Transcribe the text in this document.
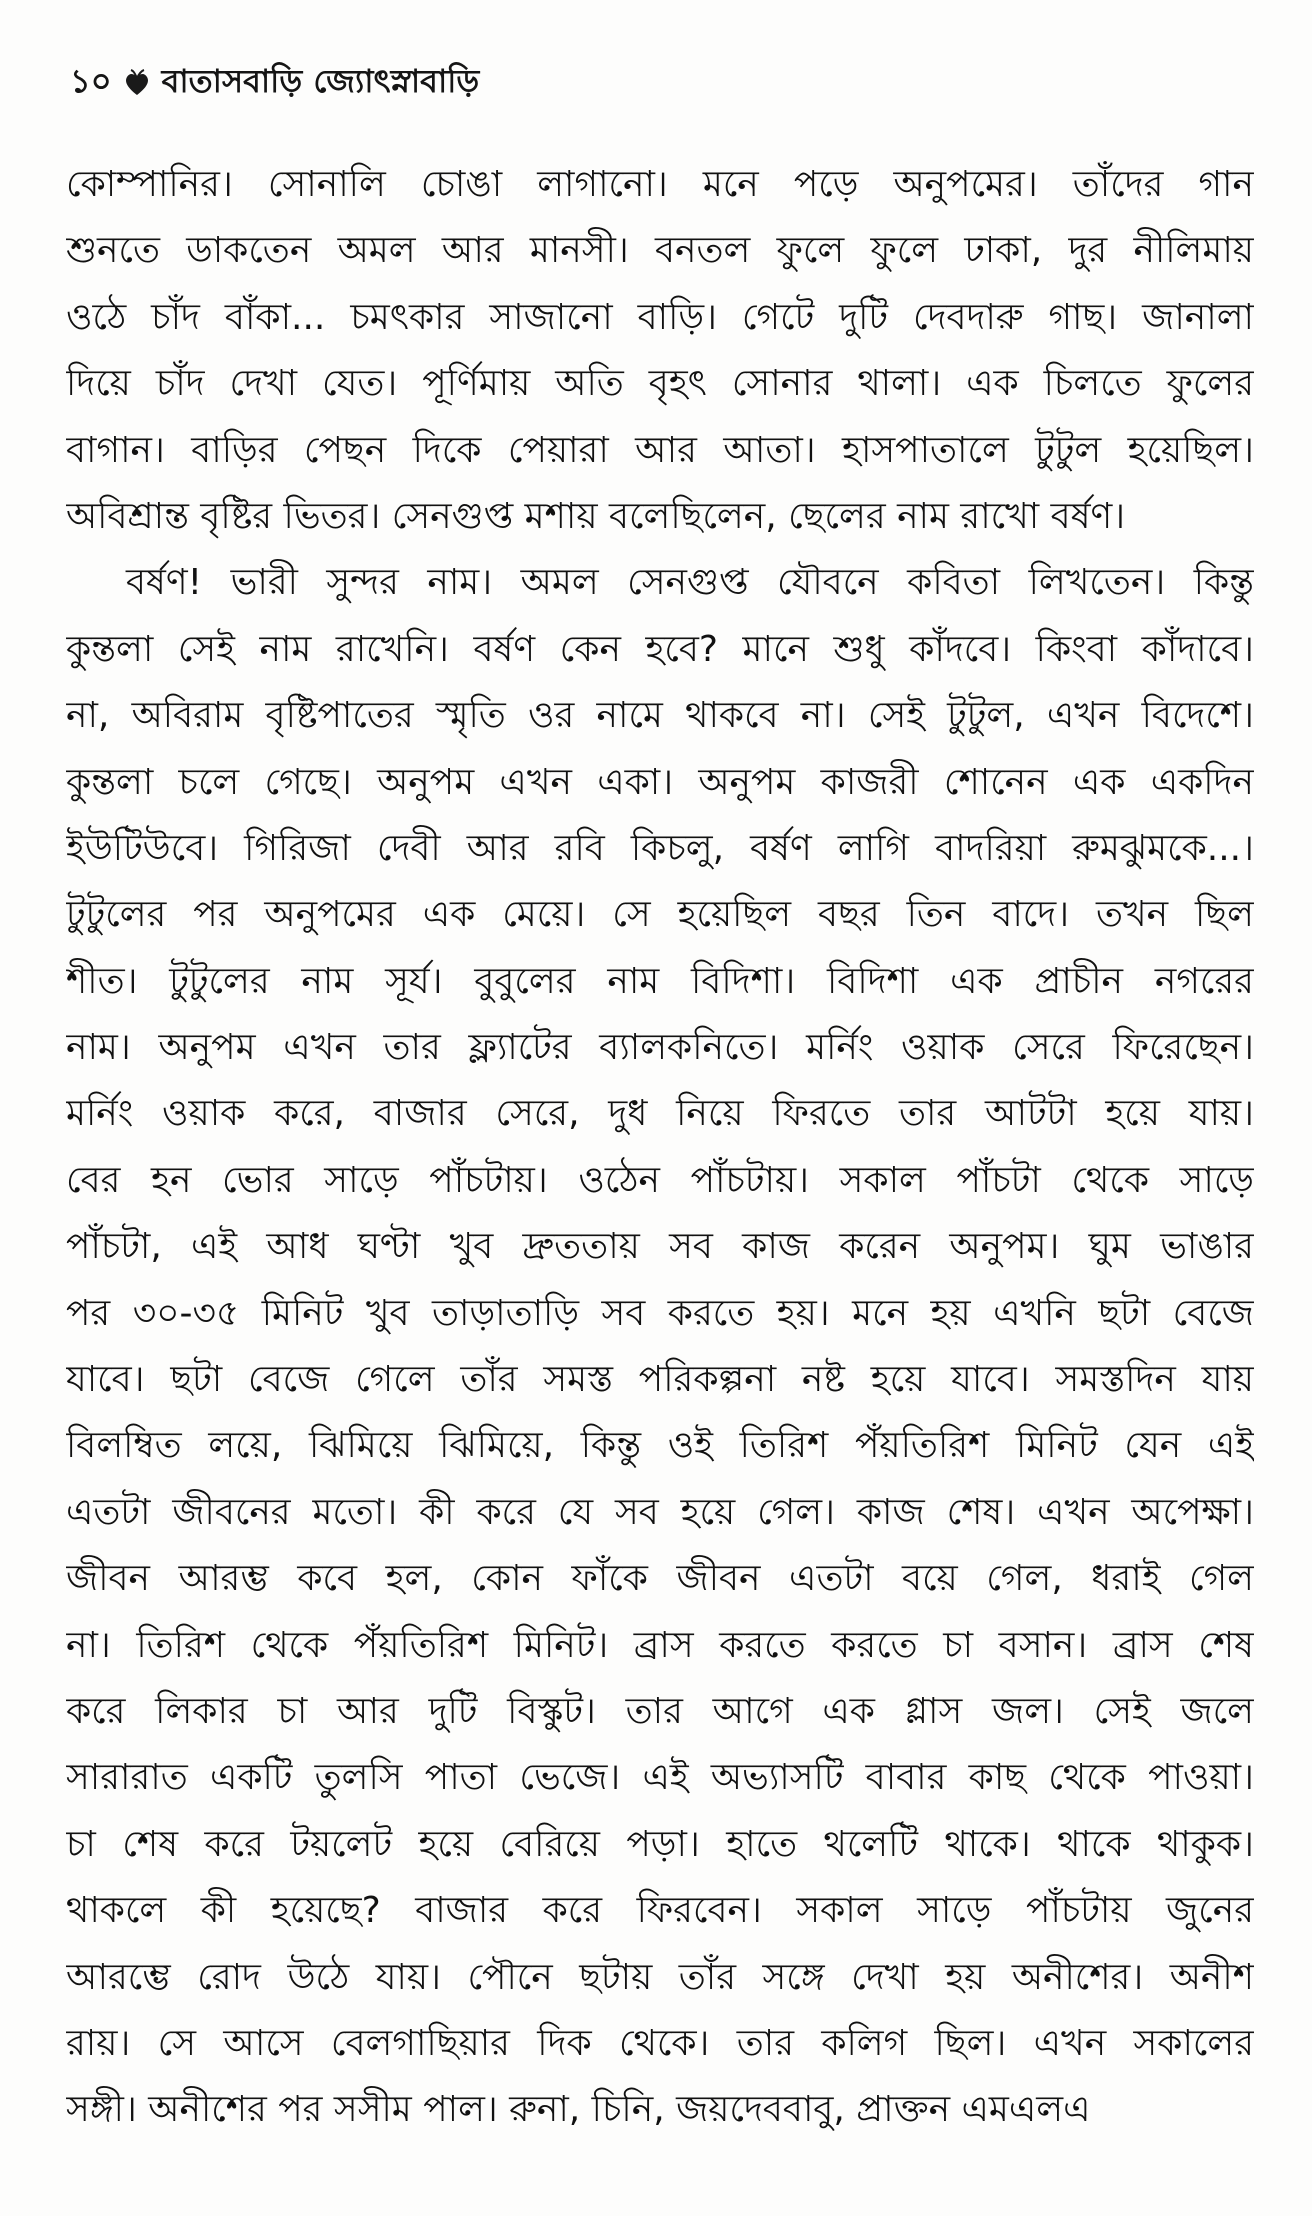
১০ বাতাসবাড়ি জ্যোৎস্নাবাড়ি
কোম্পানির। সোনালি চোঙা লাগানো। মনে পড়ে অনুপমের। তাঁদের গান
শুনতে ডাকতেন অমল আর মানসী। বনতল ফুলে ফুলে ঢাকা, দুর নীলিমায়
ওঠে চাঁদ বাঁকা... চমৎকার সাজানো বাড়ি। গেটে দুটি দেবদারু গাছ। জানালা
দিয়ে চাঁদ দেখা যেত। পূর্ণিমায় অতি বৃহৎ সোনার থালা। এক চিলতে ফুলের
বাগান। বাড়ির পেছন দিকে পেয়ারা আর আতা। হাসপাতালে টুটুল হয়েছিল।
অবিশ্রান্ত বৃষ্টির ভিতর। সেনগুপ্ত মশায় বলেছিলেন, ছেলের নাম রাখো বর্ষণ।
বর্ষণ! ভারী সুন্দর নাম। অমল সেনগুপ্ত যৌবনে কবিতা লিখতেন। কিন্তু
কুন্তলা সেই নাম রাখেনি। বর্ষণ কেন হবে? মানে শুধু কাঁদবে। কিংবা কাঁদাবে।
না, অবিরাম বৃষ্টিপাতের স্মৃতি ওর নামে থাকবে না। সেই টুটুল, এখন বিদেশে।
কুন্তলা চলে গেছে। অনুপম এখন একা। অনুপম কাজরী শোনেন এক একদিন
ইউটিউবে। গিরিজা দেবী আর রবি কিচলু, বর্ষণ লাগি বাদরিয়া রুমঝুমকে...।
টুটুলের পর অনুপমের এক মেয়ে। সে হয়েছিল বছর তিন বাদে। তখন ছিল
শীত। টুটুলের নাম সূর্য। বুবুলের নাম বিদিশা। বিদিশা এক প্রাচীন নগরের
নাম। অনুপম এখন তার ফ্ল্যাটের ব্যালকনিতে। মর্নিং ওয়াক সেরে ফিরেছেন।
মর্নিং ওয়াক করে, বাজার সেরে, দুধ নিয়ে ফিরতে তার আটটা হয়ে যায়।
বের হন ভোর সাড়ে পাঁচটায়। ওঠেন পাঁচটায়। সকাল পাঁচটা থেকে সাড়ে
পাঁচটা, এই আধ ঘণ্টা খুব দ্রুততায় সব কাজ করেন অনুপম। ঘুম ভাঙার
পর ৩০-৩৫ মিনিট খুব তাড়াতাড়ি সব করতে হয়। মনে হয় এখনি ছটা বেজে
যাবে। ছটা বেজে গেলে তাঁর সমস্ত পরিকল্পনা নষ্ট হয়ে যাবে। সমস্তদিন যায়
বিলম্বিত লয়ে, ঝিমিয়ে ঝিমিয়ে, কিন্তু ওই তিরিশ পঁয়তিরিশ মিনিট যেন এই
এতটা জীবনের মতো। কী করে যে সব হয়ে গেল। কাজ শেষ। এখন অপেক্ষা।
জীবন আরম্ভ কবে হল, কোন ফাঁকে জীবন এতটা বয়ে গেল, ধরাই গেল
না। তিরিশ থেকে পঁয়তিরিশ মিনিট। ব্রাস করতে করতে চা বসান। ব্রাস শেষ
করে লিকার চা আর দুটি বিস্কুট। তার আগে এক গ্লাস জল। সেই জলে
সারারাত একটি তুলসি পাতা ভেজে। এই অভ্যাসটি বাবার কাছ থেকে পাওয়া।
চা শেষ করে টয়লেট হয়ে বেরিয়ে পড়া। হাতে থলেটি থাকে। থাকে থাকুক।
থাকলে কী হয়েছে? বাজার করে ফিরবেন। সকাল সাড়ে পাঁচটায় জুনের
আরম্ভে রোদ উঠে যায়। পৌনে ছটায় তাঁর সঙ্গে দেখা হয় অনীশের। অনীশ
রায়। সে আসে বেলগাছিয়ার দিক থেকে। তার কলিগ ছিল। এখন সকালের
সঙ্গী। অনীশের পর সসীম পাল। রুনা, চিনি, জয়দেববাবু, প্রাক্তন এমএলএ
